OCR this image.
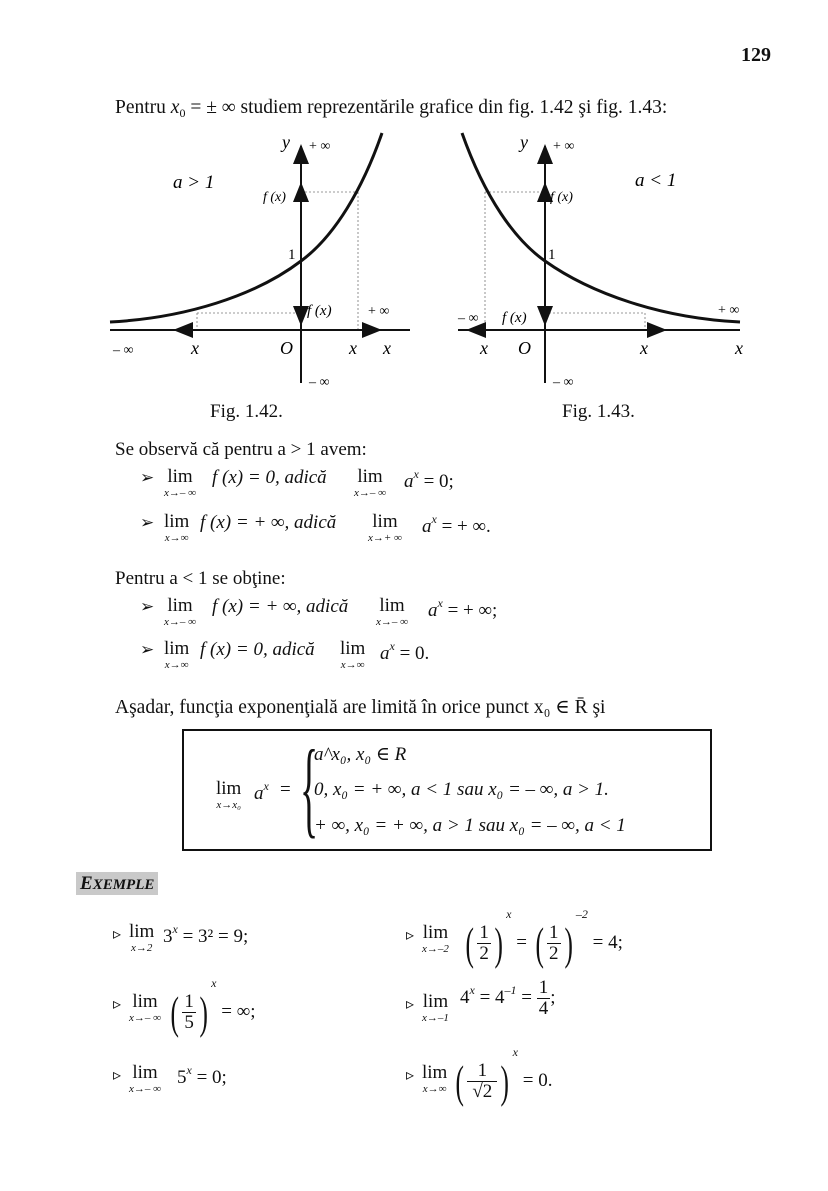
129
Pentru $x_0$ = ± ∞ studiem reprezentările grafice din fig. 1.42 şi fig. 1.43:
a > 1
y + ∞
f (x)
1
f (x)	+ ∞
– ∞	x	O	x x
– ∞
Fig. 1.42.
a < 1
y + ∞
f (x)
1
– ∞ f (x)	+ ∞
x O	x	x
– ∞
Fig. 1.43.
Se observă că pentru a > 1 avem:
➢ lim
x→– ∞
f (x) = 0, adică lim
x→– ∞
$a^x = 0$;
➢ lim
x→∞
f (x) = + ∞, adică lim
x→+ ∞
$a^x$ = + ∞.
Pentru a < 1 se obţine:
➢ lim
x→– ∞
f (x) = + ∞, adică lim
x→– ∞
$a^x$ = + ∞;
➢ lim
x→∞
f (x) = 0, adică lim
x→∞
$a^x = 0$.
Aşadar, funcţia exponenţială are limită în orice punct x₀ ∈ R̄ şi
lim
x→x₀
$a^x$ = {
a^x₀, x₀ ∈ R
0, x₀ = + ∞, a < 1 sau x₀ = – ∞, a > 1.
+ ∞, x₀ = + ∞, a > 1 sau x₀ = – ∞, a < 1
EXEMPLE
▹ lim
x→2
$3^x = 3^2 = 9$;	▹ lim
x→–2 ( $\frac{1}{2} )^x$ = ( $\frac{1}{2} )^{-2} = 4$;
▹ lim
x→– ∞ ( $\frac{1}{5} )^x$ = ∞;	▹ lim
x→–1
$4^x = 4^{-1} = \frac{1}{4}$ ;
▹ lim
x→– ∞
$5^x = 0$;	▹ lim
x→∞ ( $\frac{1}{√2} )^x = 0$.
